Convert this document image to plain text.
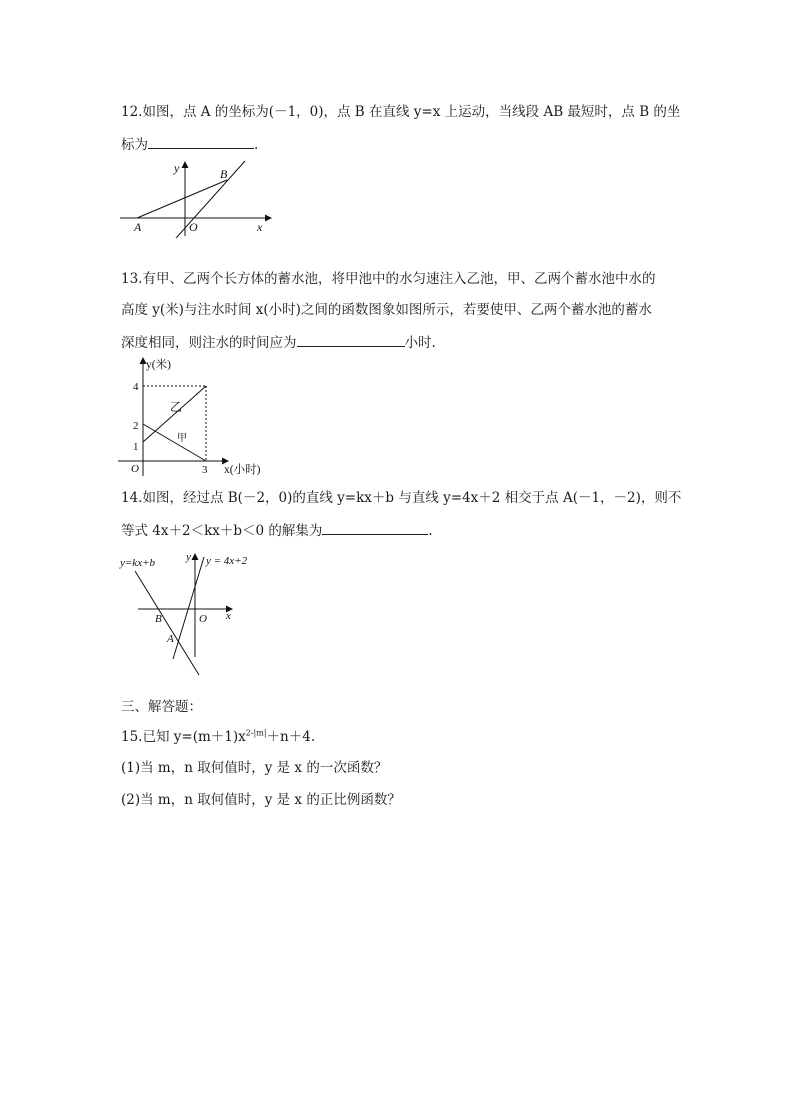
12.如图，点 A 的坐标为(－1，0)，点 B 在直线 y=x 上运动，当线段 AB 最短时，点 B 的坐
标为	.
y	B
A	O	x
13.有甲、乙两个长方体的蓄水池，将甲池中的水匀速注入乙池，甲、乙两个蓄水池中水的
高度 y(米)与注水时间 x(小时)之间的函数图象如图所示，若要使甲、乙两个蓄水池的蓄水
深度相同，则注水的时间应为	小时.
y(米)
4
2
1
O	3 x(小时)
乙
甲
14.如图，经过点 B(－2，0)的直线 y=kx＋b 与直线 y=4x＋2 相交于点 A(－1，－2)，则不
等式 4x＋2＜kx＋b＜0 的解集为	.
y=kx+b	y = 4x+2
y
B	O x
A
三、解答题：
15.已知 $y=(m+1)x^{2-|m|}+n+4$.
(1)当 m，n 取何值时，y 是 x 的一次函数？
(2)当 m，n 取何值时，y 是 x 的正比例函数？
